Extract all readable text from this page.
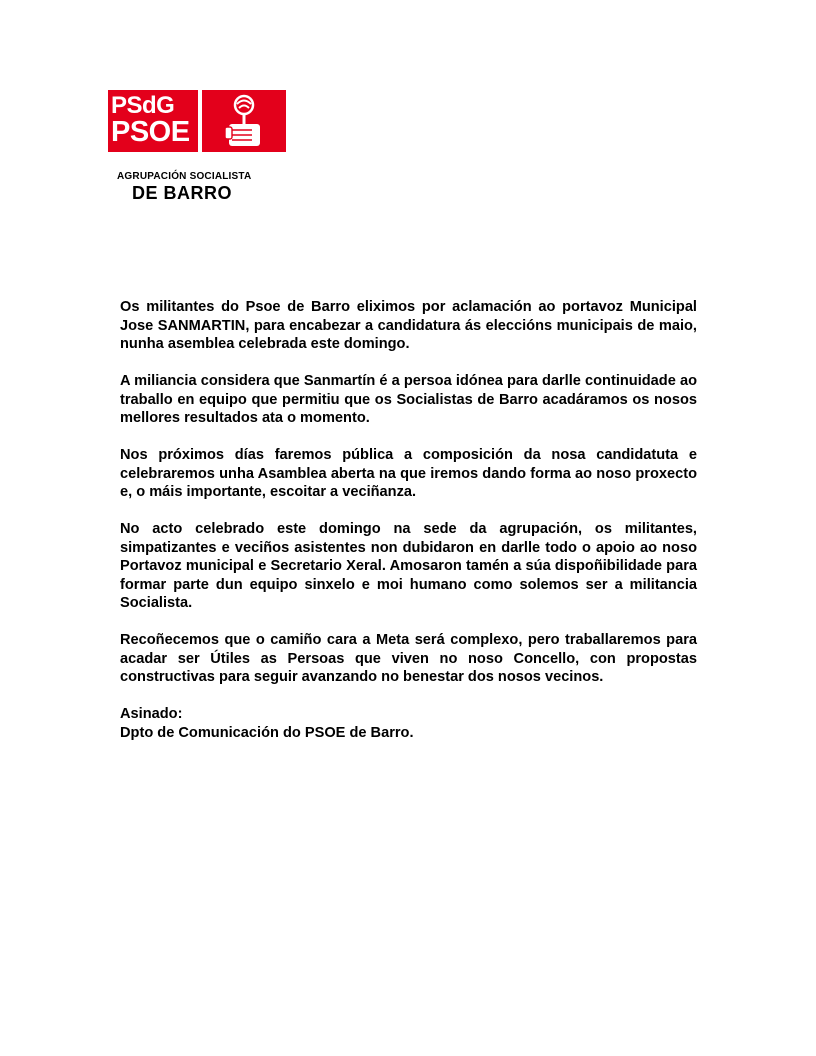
PSdG
PSOE
AGRUPACIÓN SOCIALISTA
DE BARRO

Os militantes do Psoe de Barro eliximos por aclamación ao portavoz Municipal Jose SANMARTIN, para encabezar a candidatura ás eleccións municipais de maio, nunha asemblea celebrada este domingo.

A miliancia considera que Sanmartín é a persoa idónea para darlle continuidade ao traballo en equipo que permitiu que os Socialistas de Barro acadáramos os nosos mellores resultados ata o momento.

Nos próximos días faremos pública a composición da nosa candidatuta e celebraremos unha Asamblea aberta na que iremos dando forma ao noso proxecto e, o máis importante, escoitar a veciñanza.

No acto celebrado este domingo na sede da agrupación, os militantes, simpatizantes e veciños asistentes non dubidaron en darlle todo o apoio ao noso Portavoz municipal e Secretario Xeral. Amosaron tamén a súa dispoñibilidade para formar parte dun equipo sinxelo e moi humano como solemos ser a militancia Socialista.

Recoñecemos que o camiño cara a Meta será complexo, pero traballaremos para acadar ser Útiles as Persoas que viven no noso Concello, con propostas constructivas para seguir avanzando no benestar dos nosos vecinos.

Asinado:

Dpto de Comunicación do PSOE de Barro.
